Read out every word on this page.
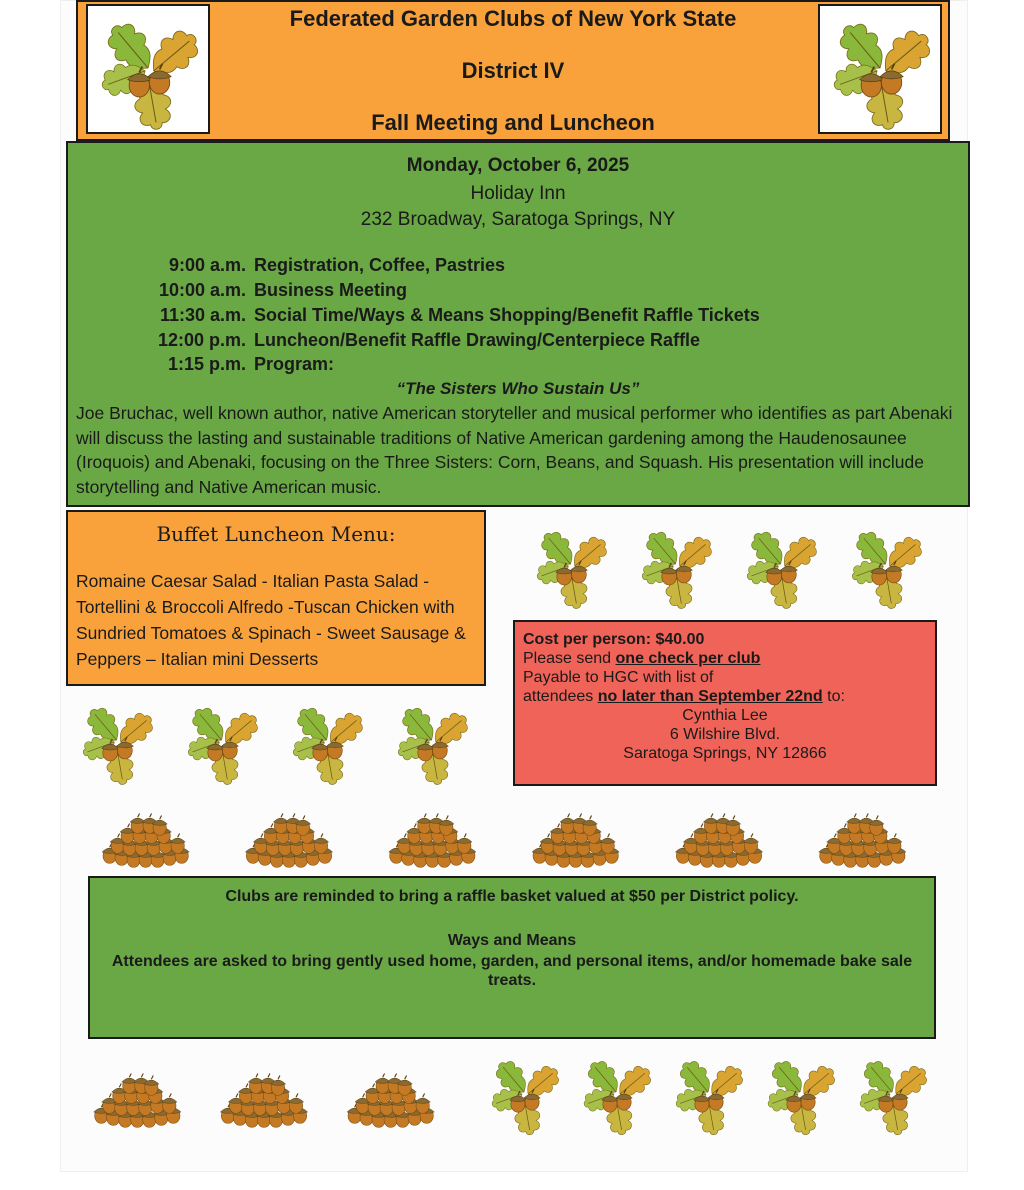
Federated Garden Clubs of New York State
District IV
Fall Meeting and Luncheon
Monday, October 6, 2025
Holiday Inn
232 Broadway, Saratoga Springs, NY
9:00 a.m. Registration, Coffee, Pastries
10:00 a.m. Business Meeting
11:30 a.m. Social Time/Ways & Means Shopping/Benefit Raffle Tickets
12:00 p.m. Luncheon/Benefit Raffle Drawing/Centerpiece Raffle
1:15 p.m. Program:
“The Sisters Who Sustain Us”
Joe Bruchac, well known author, native American storyteller and musical performer who identifies as part Abenaki will discuss the lasting and sustainable traditions of Native American gardening among the Haudenosaunee (Iroquois) and Abenaki, focusing on the Three Sisters: Corn, Beans, and Squash. His presentation will include storytelling and Native American music.
Buffet Luncheon Menu:
Romaine Caesar Salad - Italian Pasta Salad - Tortellini & Broccoli Alfredo -Tuscan Chicken with Sundried Tomatoes & Spinach - Sweet Sausage & Peppers – Italian mini Desserts
Cost per person: $40.00
Please send one check per club
Payable to HGC with list of
attendees no later than September 22nd to:
Cynthia Lee
6 Wilshire Blvd.
Saratoga Springs, NY 12866

Clubs are reminded to bring a raffle basket valued at $50 per District policy.

Ways and Means

Attendees are asked to bring gently used home, garden, and personal items, and/or homemade bake sale treats.
